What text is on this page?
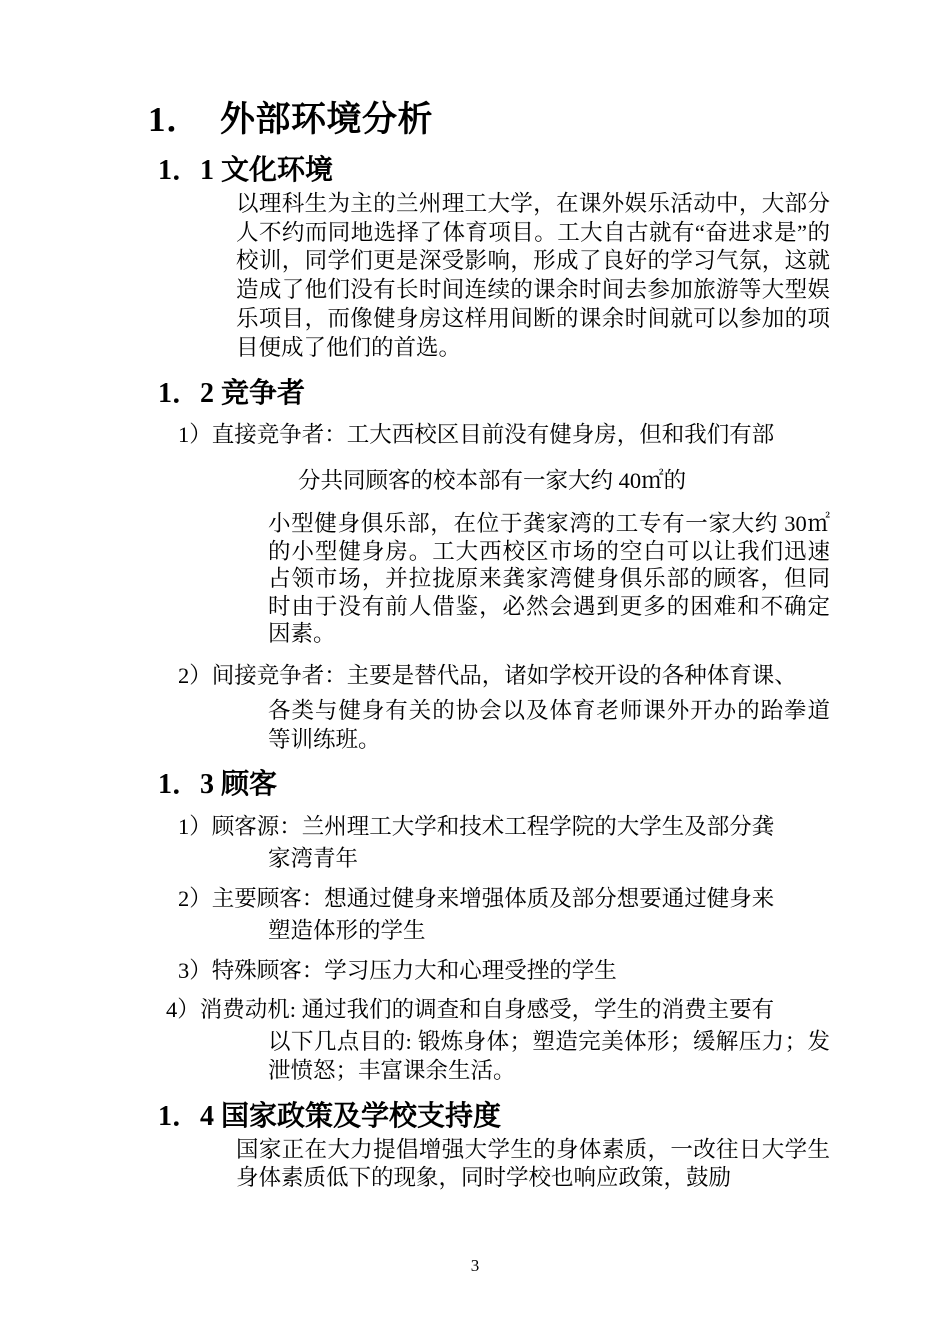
1．  外部环境分析
1．1 文化环境

以理科生为主的兰州理工大学，在课外娱乐活动中，大部分人不约而同地选择了体育项目。工大自古就有“奋进求是”的校训，同学们更是深受影响，形成了良好的学习气氛，这就造成了他们没有长时间连续的课余时间去参加旅游等大型娱乐项目，而像健身房这样用间断的课余时间就可以参加的项目便成了他们的首选。

1．2 竞争者
1）直接竞争者：工大西校区目前没有健身房，但和我们有部

分共同顾客的校本部有一家大约 40㎡的

小型健身俱乐部，在位于龚家湾的工专有一家大约 30㎡的小型健身房。工大西校区市场的空白可以让我们迅速占领市场，并拉拢原来龚家湾健身俱乐部的顾客，但同时由于没有前人借鉴，必然会遇到更多的困难和不确定因素。

2）间接竞争者：主要是替代品，诸如学校开设的各种体育课、

各类与健身有关的协会以及体育老师课外开办的跆拳道等训练班。

1．3 顾客
1）顾客源：兰州理工大学和技术工程学院的大学生及部分龚

家湾青年

2）主要顾客：想通过健身来增强体质及部分想要通过健身来

塑造体形的学生

3）特殊顾客：学习压力大和心理受挫的学生
4）消费动机: 通过我们的调查和自身感受，学生的消费主要有

以下几点目的: 锻炼身体；塑造完美体形；缓解压力；发泄愤怒；丰富课余生活。

1．4 国家政策及学校支持度

国家正在大力提倡增强大学生的身体素质，一改往日大学生身体素质低下的现象，同时学校也响应政策，鼓励

3
